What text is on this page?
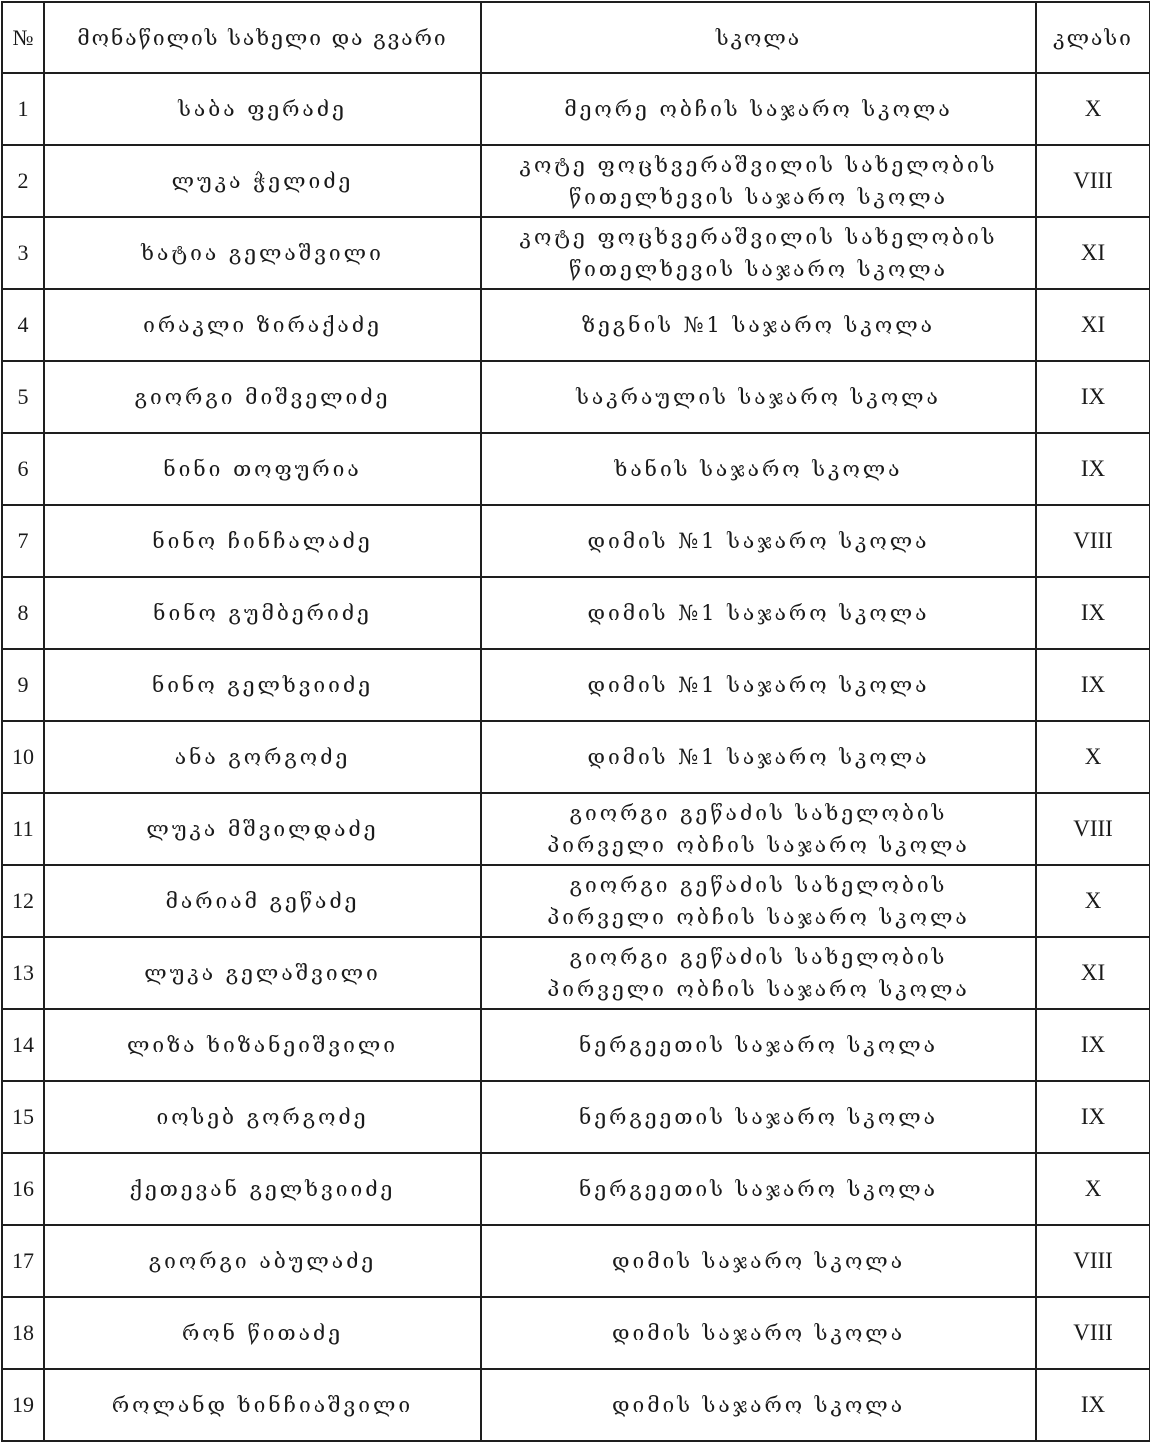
№	მონაწილის სახელი და გვარი	სკოლა	კლასი
1	საბა ფერაძე	მეორე ობჩის საჯარო სკოლა	X
2	ლუკა ჭელიძე	კოტე ფოცხვერაშვილის სახელობის
წითელხევის საჯარო სკოლა	VIII
3	ხატია გელაშვილი	კოტე ფოცხვერაშვილის სახელობის
წითელხევის საჯარო სკოლა	XI
4	ირაკლი ზირაქაძე	ზეგნის №1 საჯარო სკოლა	XI
5	გიორგი მიშველიძე	საკრაულის საჯარო სკოლა	IX
6	ნინი თოფურია	ხანის საჯარო სკოლა	IX
7	ნინო ჩინჩალაძე	დიმის №1 საჯარო სკოლა	VIII
8	ნინო გუმბერიძე	დიმის №1 საჯარო სკოლა	IX
9	ნინო გელხვიიძე	დიმის №1 საჯარო სკოლა	IX
10	ანა გორგოძე	დიმის №1 საჯარო სკოლა	X
11	ლუკა მშვილდაძე	გიორგი გეწაძის სახელობის
პირველი ობჩის საჯარო სკოლა	VIII
12	მარიამ გეწაძე	გიორგი გეწაძის სახელობის
პირველი ობჩის საჯარო სკოლა	X
13	ლუკა გელაშვილი	გიორგი გეწაძის სახელობის
პირველი ობჩის საჯარო სკოლა	XI
14	ლიზა ხიზანეიშვილი	ნერგეეთის საჯარო სკოლა	IX
15	იოსებ გორგოძე	ნერგეეთის საჯარო სკოლა	IX
16	ქეთევან გელხვიიძე	ნერგეეთის საჯარო სკოლა	X
17	გიორგი აბულაძე	დიმის საჯარო სკოლა	VIII
18	რონ წითაძე	დიმის საჯარო სკოლა	VIII
19	როლანდ ხინჩიაშვილი	დიმის საჯარო სკოლა	IX
